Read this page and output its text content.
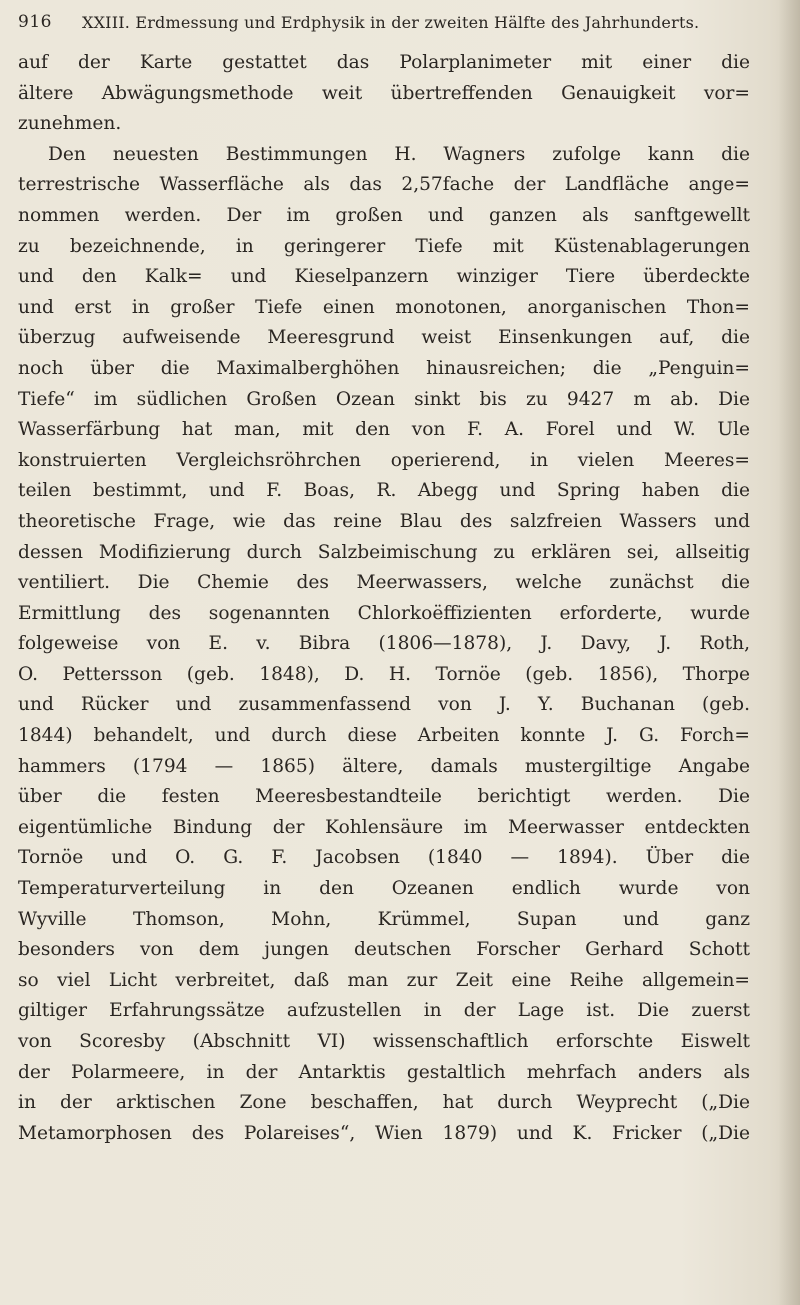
916 XXIII. Erdmessung und Erdphysik in der zweiten Hälfte des Jahrhunderts.
auf der Karte gestattet das Polarplanimeter mit einer die
ältere Abwägungsmethode weit übertreffenden Genauigkeit vor=
zunehmen.
Den neuesten Bestimmungen H. Wagners zufolge kann die
terrestrische Wasserfläche als das 2,57fache der Landfläche ange=
nommen werden. Der im großen und ganzen als sanftgewellt
zu bezeichnende, in geringerer Tiefe mit Küstenablagerungen
und den Kalk= und Kieselpanzern winziger Tiere überdeckte
und erst in großer Tiefe einen monotonen, anorganischen Thon=
überzug aufweisende Meeresgrund weist Einsenkungen auf, die
noch über die Maximalberghöhen hinausreichen; die „Penguin=
Tiefe“ im südlichen Großen Ozean sinkt bis zu 9427 m ab. Die
Wasserfärbung hat man, mit den von F. A. Forel und W. Ule
konstruierten Vergleichsröhrchen operierend, in vielen Meeres=
teilen bestimmt, und F. Boas, R. Abegg und Spring haben die
theoretische Frage, wie das reine Blau des salzfreien Wassers und
dessen Modifizierung durch Salzbeimischung zu erklären sei, allseitig
ventiliert. Die Chemie des Meerwassers, welche zunächst die
Ermittlung des sogenannten Chlorkoëffizienten erforderte, wurde
folgeweise von E. v. Bibra (1806—1878), J. Davy, J. Roth,
O. Pettersson (geb. 1848), D. H. Tornöe (geb. 1856), Thorpe
und Rücker und zusammenfassend von J. Y. Buchanan (geb.
1844) behandelt, und durch diese Arbeiten konnte J. G. Forch=
hammers (1794 — 1865) ältere, damals mustergiltige Angabe
über die festen Meeresbestandteile berichtigt werden. Die
eigentümliche Bindung der Kohlensäure im Meerwasser entdeckten
Tornöe und O. G. F. Jacobsen (1840 — 1894). Über die
Temperaturverteilung in den Ozeanen endlich wurde von
Wyville Thomson, Mohn, Krümmel, Supan und ganz
besonders von dem jungen deutschen Forscher Gerhard Schott
so viel Licht verbreitet, daß man zur Zeit eine Reihe allgemein=
giltiger Erfahrungssätze aufzustellen in der Lage ist. Die zuerst
von Scoresby (Abschnitt VI) wissenschaftlich erforschte Eiswelt
der Polarmeere, in der Antarktis gestaltlich mehrfach anders als
in der arktischen Zone beschaffen, hat durch Weyprecht („Die
Metamorphosen des Polareises“, Wien 1879) und K. Fricker („Die
